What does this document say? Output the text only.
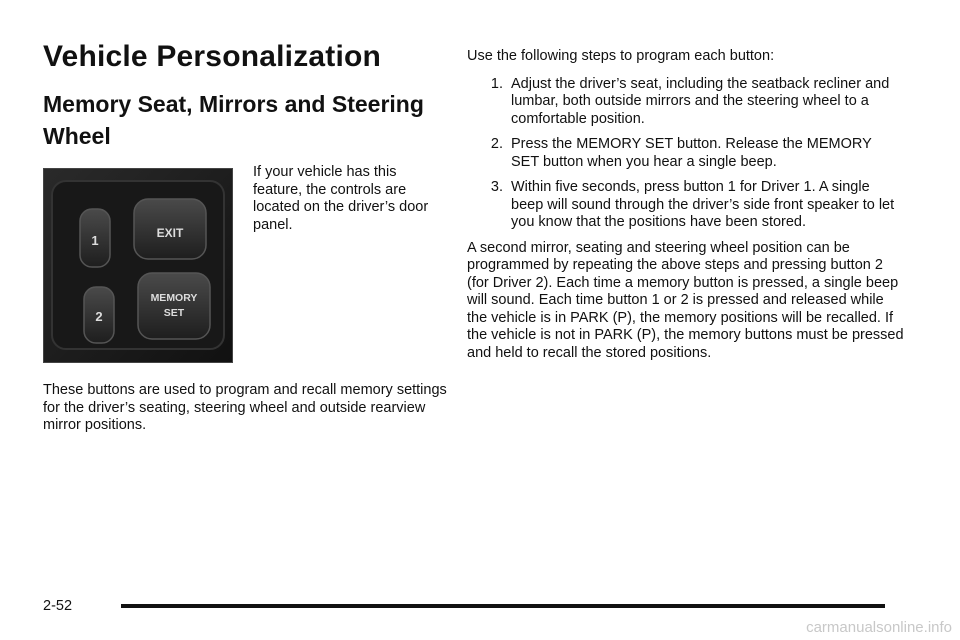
Vehicle Personalization
Memory Seat, Mirrors and Steering Wheel
1	EXIT
2
MEMORY
SET

If your vehicle has this feature, the controls are located on the driver’s door panel.

These buttons are used to program and recall memory settings for the driver’s seating, steering wheel and outside rearview mirror positions.

Use the following steps to program each button:

1. Adjust the driver’s seat, including the seatback recliner and lumbar, both outside mirrors and the steering wheel to a comfortable position.
2. Press the MEMORY SET button. Release the MEMORY SET button when you hear a single beep.
3. Within five seconds, press button 1 for Driver 1. A single beep will sound through the driver’s side front speaker to let you know that the positions have been stored.

A second mirror, seating and steering wheel position can be programmed by repeating the above steps and pressing button 2 (for Driver 2). Each time a memory button is pressed, a single beep will sound. Each time button 1 or 2 is pressed and released while the vehicle is in PARK (P), the memory positions will be recalled. If the vehicle is not in PARK (P), the memory buttons must be pressed and held to recall the stored positions.

2-52

carmanualsonline.info
